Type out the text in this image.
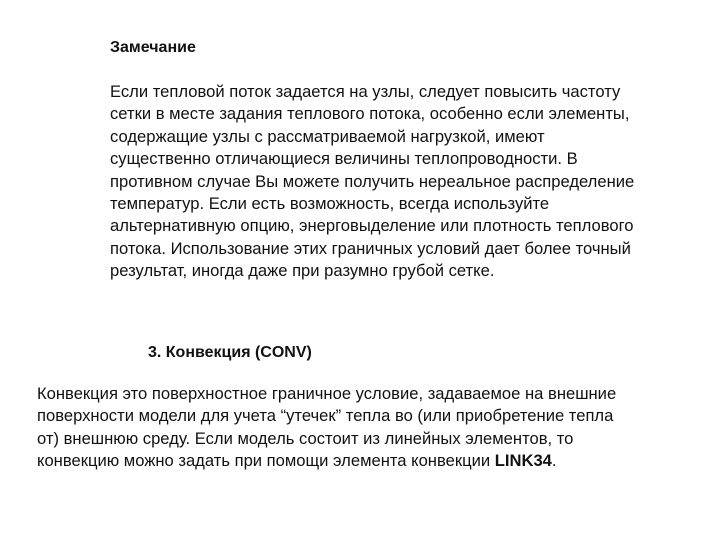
Замечание
Если тепловой поток задается на узлы, следует повысить частоту
сетки в месте задания теплового потока, особенно если элементы,
содержащие узлы с рассматриваемой нагрузкой, имеют
существенно отличающиеся величины теплопроводности. В
противном случае Вы можете получить нереальное распределение
температур. Если есть возможность, всегда используйте
альтернативную опцию, энерговыделение или плотность теплового
потока. Использование этих граничных условий дает более точный
результат, иногда даже при разумно грубой сетке.
3. Конвекция (CONV)
Конвекция это поверхностное граничное условие, задаваемое на внешние
поверхности модели для учета “утечек” тепла во (или приобретение тепла
от) внешнюю среду. Если модель состоит из линейных элементов, то
конвекцию можно задать при помощи элемента конвекции LINK34.
